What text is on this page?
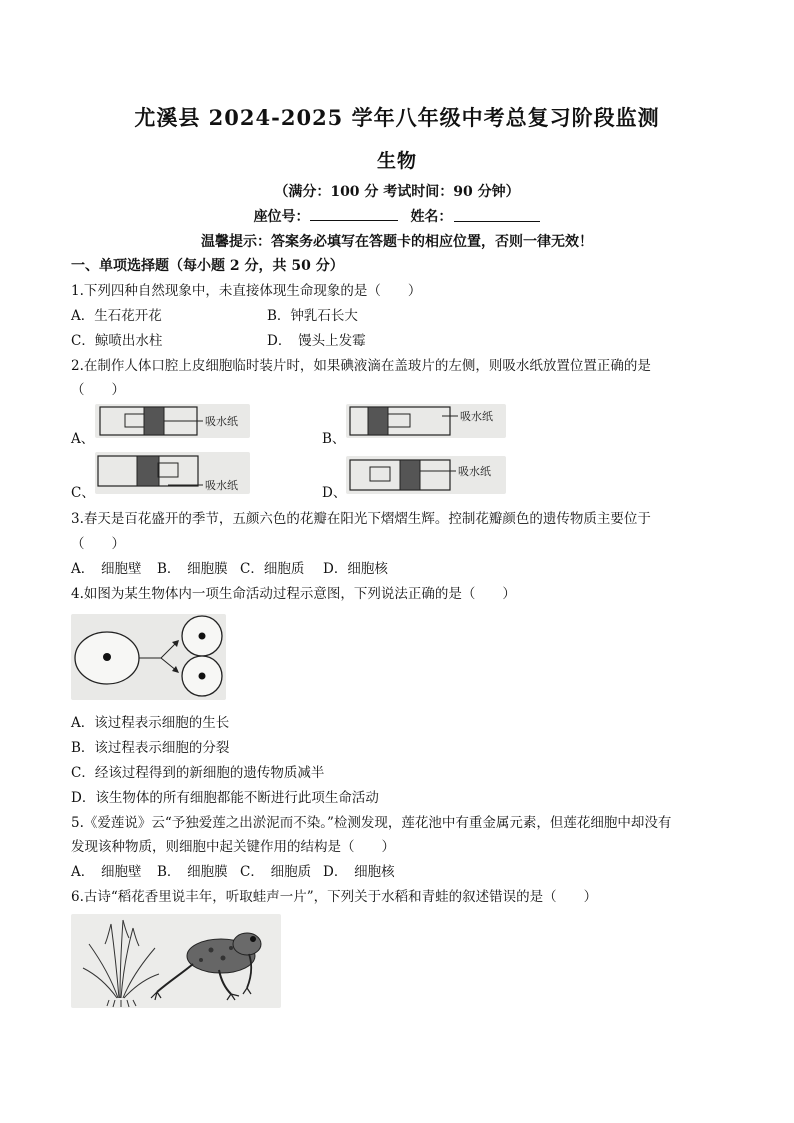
尤溪县 2024-2025 学年八年级中考总复习阶段监测
生物
（满分：100 分 考试时间：90 分钟）
座位号：	姓名：
温馨提示：答案务必填写在答题卡的相应位置，否则一律无效！
一、单项选择题（每小题 2 分，共 50 分）
1.下列四种自然现象中，未直接体现生命现象的是（　　）
A．生石花开花	B．钟乳石长大
C．鲸喷出水柱	D．　馒头上发霉
2.在制作人体口腔上皮细胞临时装片时，如果碘液滴在盖玻片的左侧，则吸水纸放置位置正确的是
（　　）
A、
吸水纸
B、
吸水纸
C、	吸水纸	D、
吸水纸
3.春天是百花盛开的季节，五颜六色的花瓣在阳光下熠熠生辉。控制花瓣颜色的遗传物质主要位于
（　　）
A．　细胞壁 B．　细胞膜 C．细胞质 D．细胞核
4.如图为某生物体内一项生命活动过程示意图，下列说法正确的是（　　）
A．该过程表示细胞的生长
B．该过程表示细胞的分裂
C．经该过程得到的新细胞的遗传物质减半
D．该生物体的所有细胞都能不断进行此项生命活动
5.《爱莲说》云“予独爱莲之出淤泥而不染。”检测发现，莲花池中有重金属元素，但莲花细胞中却没有
发现该种物质，则细胞中起关键作用的结构是（　　）
A．　细胞壁 B．　细胞膜 C．　细胞质 D．　细胞核
6.古诗“稻花香里说丰年，听取蛙声一片”，下列关于水稻和青蛙的叙述错误的是（　　）
